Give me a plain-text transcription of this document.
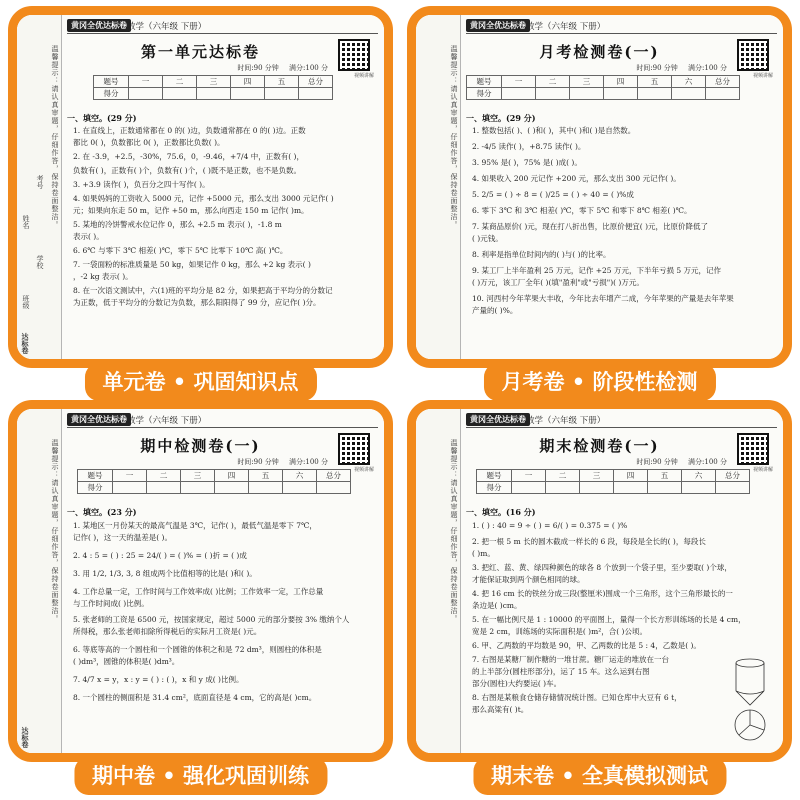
温馨提示：请认真审题，仔细作答，保持卷面整洁。
学校
班级
姓名
考号
达标卷
黄冈全优达标卷 数学（六年级 下册）
第一单元达标卷
视频讲解
时间:90 分钟 满分:100 分
题号	一	二	三	四	五	总分
得分						
一、填空。(29 分)
1. 在直线上，正数通常都在 0 的( )边，负数通常都在 0 的( )边。正数
都比 0( )，负数都比 0( )，正数都比负数( )。
2. 在 -3.9，+2.5，-30%，75.6，0，-9.46，+7/4 中，正数有( )，
负数有( )，正数有( )个，负数有( )个，( )既不是正数，也不是负数。
3. +3.9 读作( )，负百分之四十写作( )。
4. 如果妈妈的工资收入 5000 元，记作 +5000 元，那么支出 3000 元记作( )
元；如果向东走 50 m，记作 +50 m，那么向西走 150 m 记作( )m。
5. 某地的冷饼警戒水位记作 0，那么 +2.5 m 表示( )，-1.8 m
表示( )。
6. 6℃ 与零下 3℃ 相差( )℃，零下 5℃ 比零下 10℃ 高( )℃。
7. 一袋面粉的标准质量是 50 kg，如果记作 0 kg，那么 +2 kg 表示( )
，-2 kg 表示( )。
8. 在一次语文测试中，六(1)班的平均分是 82 分，如果把高于平均分的分数记
为正数，低于平均分的分数记为负数，那么阳阳得了 99 分，应记作( )分。
单元卷 • 巩固知识点
温馨提示：请认真审题，仔细作答，保持卷面整洁。
黄冈全优达标卷 数学（六年级 下册）
月考检测卷(一)
视频讲解
时间:90 分钟 满分:100 分
题号	一	二	三	四	五	六	总分
得分							
一、填空。(29 分)
1. 整数包括( )、( )和( )，其中( )和( )是自然数。
2. -4/5 读作( )，+8.75 读作( )。
3. 95% 是( )，75% 是( )成( )。
4. 如果收入 200 元记作 +200 元，那么支出 300 元记作( )。
5. 2/5 = ( ) ÷ 8 = ( )/25 = ( ) ÷ 40 = ( )%成
6. 零下 3℃ 和 3℃ 相差( )℃，零下 5℃ 和零下 8℃ 相差( )℃。
7. 某商品原价( )元，现在打八折出售，比原价便宜( )元，比原价降低了
( )元钱。
8. 利率是指单位时间内的( )与( )的比率。
9. 某工厂上半年盈利 25 万元，记作 +25 万元，下半年亏损 5 万元，记作
( )万元，该工厂全年( )(填"盈利"或"亏损")( )万元。
10. 河西村今年苹果大丰收，今年比去年增产二成，今年苹果的产量是去年苹果
产量的( )%。
月考卷 • 阶段性检测
温馨提示：请认真审题，仔细作答，保持卷面整洁。
达标卷
黄冈全优达标卷 数学（六年级 下册）
期中检测卷(一)
视频讲解
时间:90 分钟 满分:100 分
题号	一	二	三	四	五	六	总分
得分							
一、填空。(23 分)
1. 某地区一月份某天的最高气温是 3℃，记作( )，最低气温是零下 7℃，
记作( )，这一天的温差是( )。
2. 4 : 5 = ( ) : 25 = 24/( ) = ( )% = ( )折 = ( )成
3. 用 1/2, 1/3, 3, 8 组成两个比值相等的比是( )和( )。
4. 工作总量一定，工作时间与工作效率成( )比例；工作效率一定，工作总量
与工作时间成( )比例。
5. 张老师的工资是 6500 元，按国家规定，超过 5000 元的部分要按 3% 缴纳个人
所得税，那么张老师扣除所得税后的实际月工资是( )元。
6. 等底等高的一个圆柱和一个圆锥的体积之和是 72 dm³，则圆柱的体积是
( )dm³，圆锥的体积是( )dm³。
7. 4/7 x = y，x : y = ( ) : ( )，x 和 y 成( )比例。
8. 一个圆柱的侧面积是 31.4 cm²，底面直径是 4 cm，它的高是( )cm。
期中卷 • 强化巩固训练
温馨提示：请认真审题，仔细作答，保持卷面整洁。
黄冈全优达标卷 数学（六年级 下册）
期末检测卷(一)
视频讲解
时间:90 分钟 满分:100 分
题号	一	二	三	四	五	六	总分
得分							
一、填空。(16 分)
1. ( ) : 40 = 9 ÷ ( ) = 6/( ) = 0.375 = ( )%
2. 把一根 5 m 长的圆木截成一样长的 6 段，每段是全长的( )，每段长
( )m。
3. 把红、蓝、黄、绿四种颜色的球各 8 个放到一个袋子里，至少要取( )个球，
才能保证取到两个颜色相同的球。
4. 把 16 cm 长的铁丝分成三段(整厘米)围成一个三角形，这个三角形最长的一
条边是( )cm。
5. 在一幅比例尺是 1 : 10000 的平面图上，量得一个长方形训练场的长是 4 cm，
宽是 2 cm，训练场的实际面积是( )m²，合( )公顷。
6. 甲、乙两数的平均数是 90，甲、乙两数的比是 5 : 4，乙数是( )。
7. 右图是某糖厂制作糖的一堆甘蔗。糖厂运走的堆放在一台
的上半部分(圆柱形部分)，运了 15 车。这么运到右图
部分(圆柱)大约要运( )车。
8. 右图是某粮食仓储存储情况统计图。已知仓库中大豆有 6 t，
那么高粱有( )t。
期末卷 • 全真模拟测试
